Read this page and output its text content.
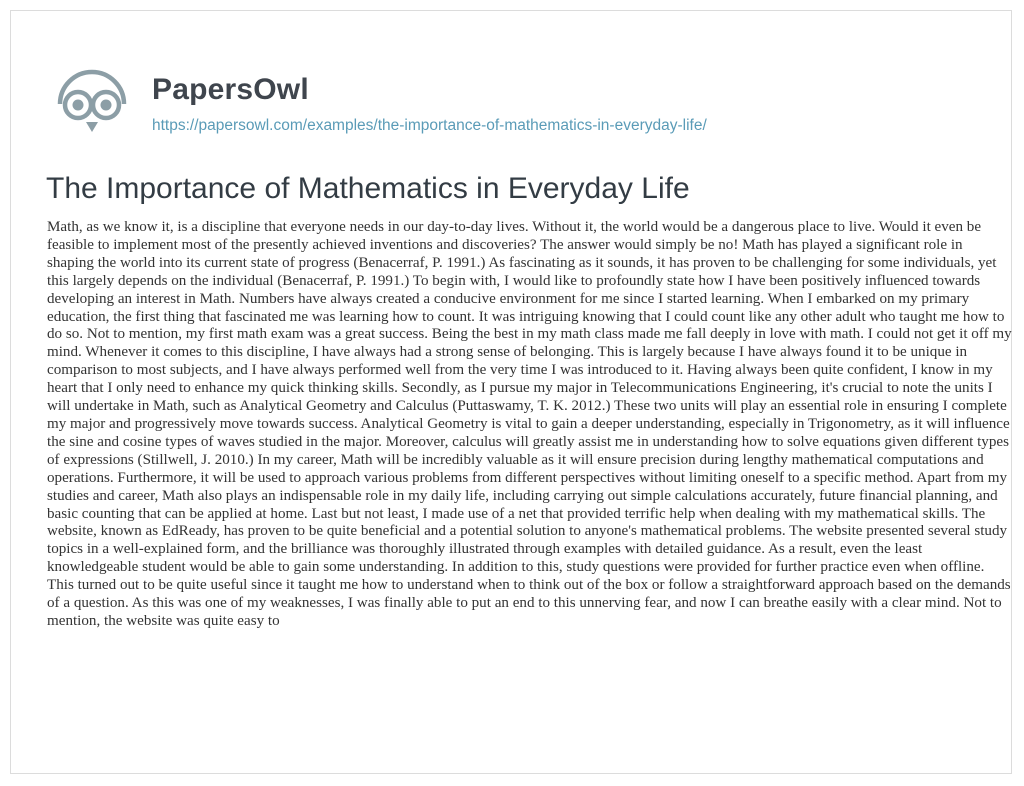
PapersOwl
https://papersowl.com/examples/the-importance-of-mathematics-in-everyday-life/
The Importance of Mathematics in Everyday Life

Math, as we know it, is a discipline that everyone needs in our day-to-day lives. Without it, the world would be a dangerous place to live. Would it even be feasible to implement most of the presently achieved inventions and discoveries? The answer would simply be no! Math has played a significant role in shaping the world into its current state of progress (Benacerraf, P. 1991.) As fascinating as it sounds, it has proven to be challenging for some individuals, yet this largely depends on the individual (Benacerraf, P. 1991.) To begin with, I would like to profoundly state how I have been positively influenced towards developing an interest in Math. Numbers have always created a conducive environment for me since I started learning. When I embarked on my primary education, the first thing that fascinated me was learning how to count. It was intriguing knowing that I could count like any other adult who taught me how to do so. Not to mention, my first math exam was a great success. Being the best in my math class made me fall deeply in love with math. I could not get it off my mind. Whenever it comes to this discipline, I have always had a strong sense of belonging. This is largely because I have always found it to be unique in comparison to most subjects, and I have always performed well from the very time I was introduced to it. Having always been quite confident, I know in my heart that I only need to enhance my quick thinking skills. Secondly, as I pursue my major in Telecommunications Engineering, it's crucial to note the units I will undertake in Math, such as Analytical Geometry and Calculus (Puttaswamy, T. K. 2012.) These two units will play an essential role in ensuring I complete my major and progressively move towards success. Analytical Geometry is vital to gain a deeper understanding, especially in Trigonometry, as it will influence the sine and cosine types of waves studied in the major. Moreover, calculus will greatly assist me in understanding how to solve equations given different types of expressions (Stillwell, J. 2010.) In my career, Math will be incredibly valuable as it will ensure precision during lengthy mathematical computations and operations. Furthermore, it will be used to approach various problems from different perspectives without limiting oneself to a specific method. Apart from my studies and career, Math also plays an indispensable role in my daily life, including carrying out simple calculations accurately, future financial planning, and basic counting that can be applied at home. Last but not least, I made use of a net that provided terrific help when dealing with my mathematical skills. The website, known as EdReady, has proven to be quite beneficial and a potential solution to anyone's mathematical problems. The website presented several study topics in a well-explained form, and the brilliance was thoroughly illustrated through examples with detailed guidance. As a result, even the least knowledgeable student would be able to gain some understanding. In addition to this, study questions were provided for further practice even when offline. This turned out to be quite useful since it taught me how to understand when to think out of the box or follow a straightforward approach based on the demands of a question. As this was one of my weaknesses, I was finally able to put an end to this unnerving fear, and now I can breathe easily with a clear mind. Not to mention, the website was quite easy to
